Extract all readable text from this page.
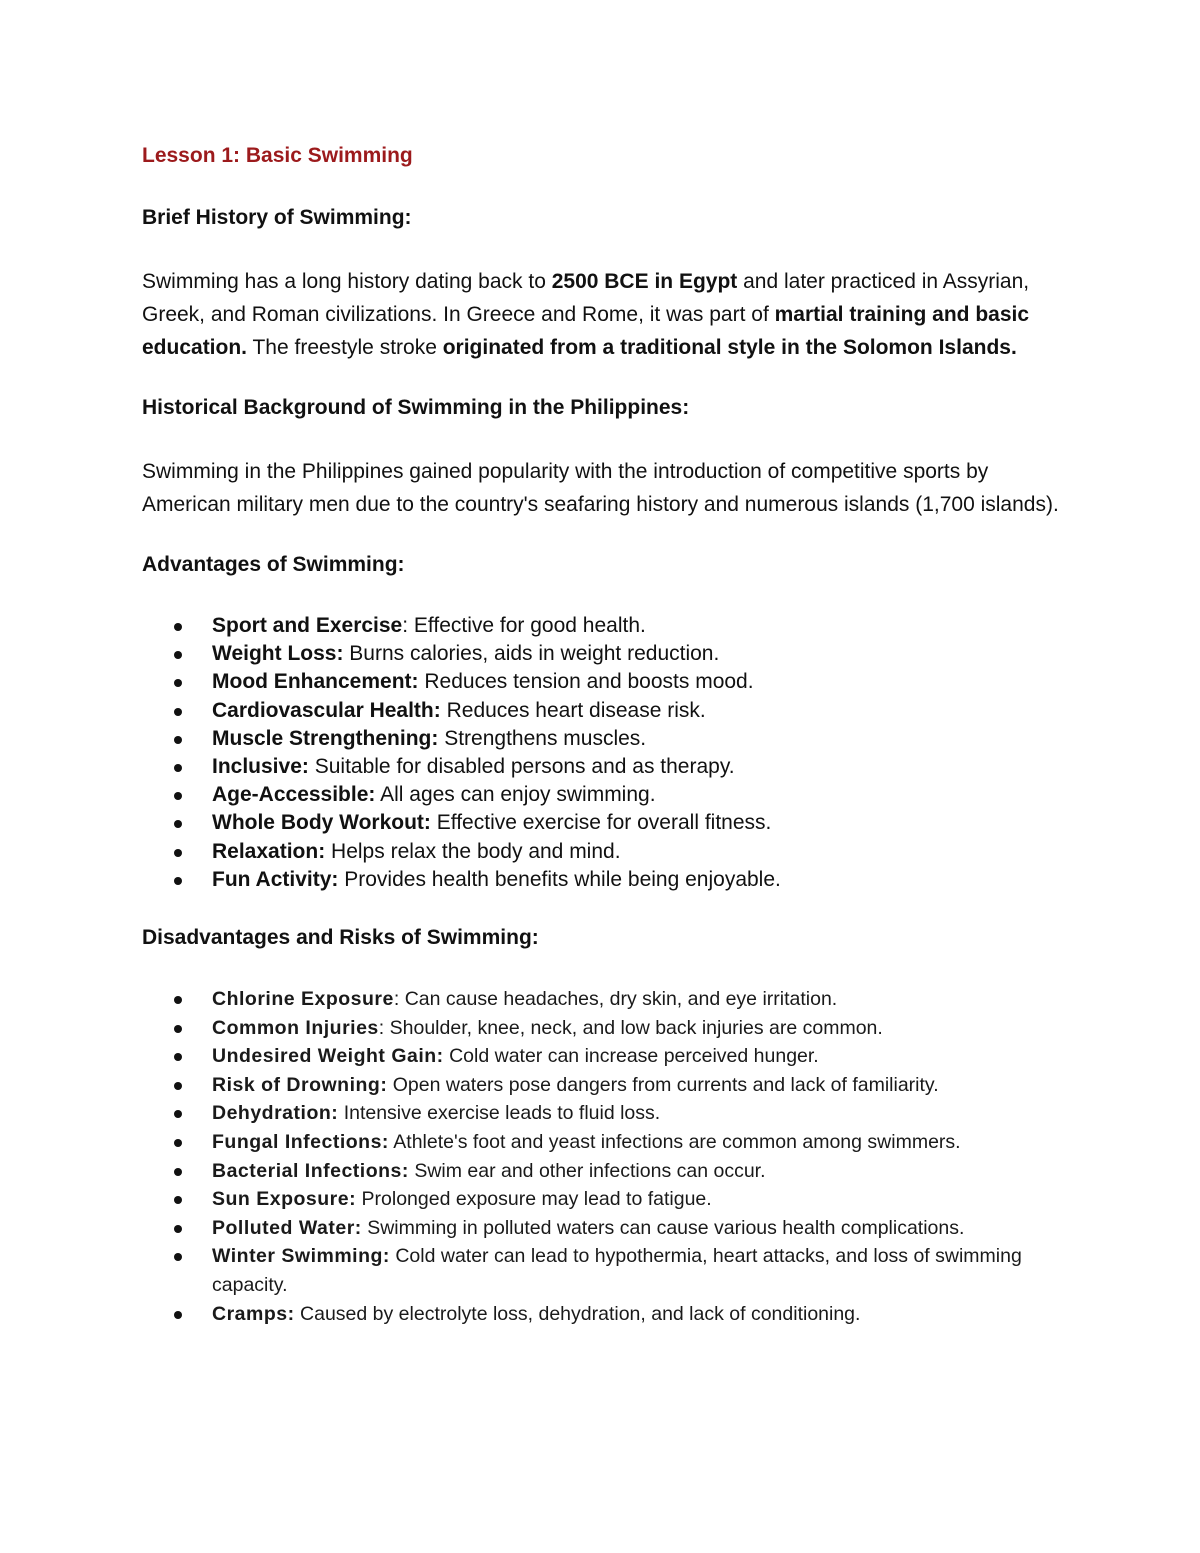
Lesson 1: Basic Swimming
Brief History of Swimming:

Swimming has a long history dating back to 2500 BCE in Egypt and later practiced in Assyrian, Greek, and Roman civilizations. In Greece and Rome, it was part of martial training and basic education. The freestyle stroke originated from a traditional style in the Solomon Islands.

Historical Background of Swimming in the Philippines:

Swimming in the Philippines gained popularity with the introduction of competitive sports by American military men due to the country's seafaring history and numerous islands (1,700 islands).

Advantages of Swimming:
Sport and Exercise: Effective for good health.
Weight Loss: Burns calories, aids in weight reduction.
Mood Enhancement: Reduces tension and boosts mood.
Cardiovascular Health: Reduces heart disease risk.
Muscle Strengthening: Strengthens muscles.
Inclusive: Suitable for disabled persons and as therapy.
Age-Accessible: All ages can enjoy swimming.
Whole Body Workout: Effective exercise for overall fitness.
Relaxation: Helps relax the body and mind.
Fun Activity: Provides health benefits while being enjoyable.
Disadvantages and Risks of Swimming:
Chlorine Exposure: Can cause headaches, dry skin, and eye irritation.
Common Injuries: Shoulder, knee, neck, and low back injuries are common.
Undesired Weight Gain: Cold water can increase perceived hunger.
Risk of Drowning: Open waters pose dangers from currents and lack of familiarity.
Dehydration: Intensive exercise leads to fluid loss.
Fungal Infections: Athlete's foot and yeast infections are common among swimmers.
Bacterial Infections: Swim ear and other infections can occur.
Sun Exposure: Prolonged exposure may lead to fatigue.
Polluted Water: Swimming in polluted waters can cause various health complications.
Winter Swimming: Cold water can lead to hypothermia, heart attacks, and loss of swimming capacity.
Cramps: Caused by electrolyte loss, dehydration, and lack of conditioning.
